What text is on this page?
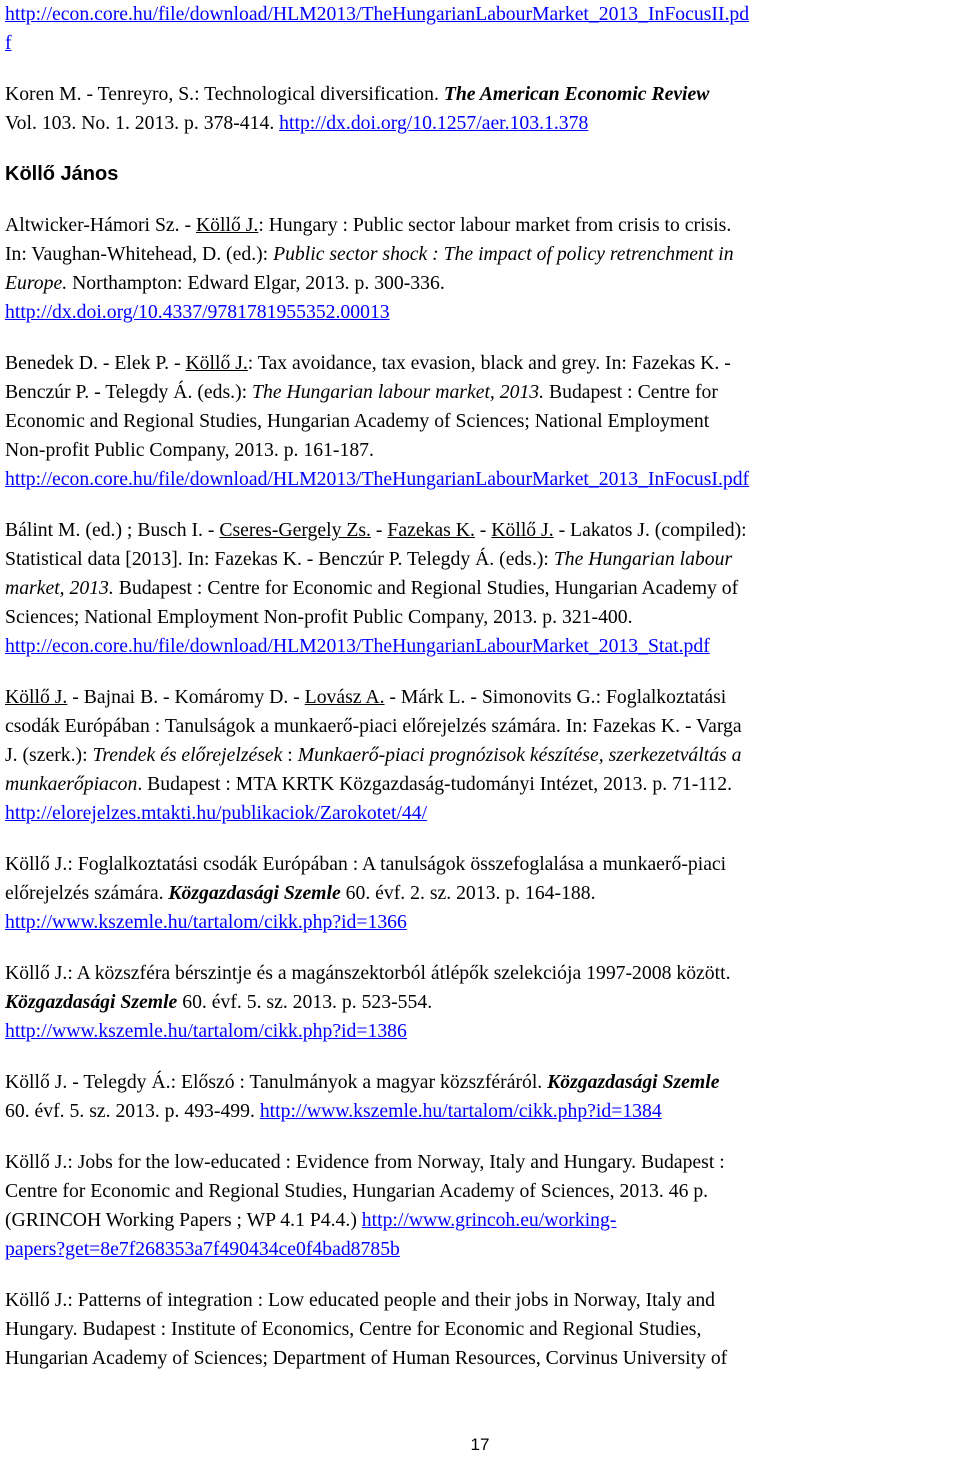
http://econ.core.hu/file/download/HLM2013/TheHungarianLabourMarket_2013_InFocusII.pd

f

Koren M. - Tenreyro, S.: Technological diversification. The American Economic Review

Vol. 103. No. 1. 2013. p. 378-414. http://dx.doi.org/10.1257/aer.103.1.378

Köllő János

Altwicker-Hámori Sz. - Köllő J.: Hungary : Public sector labour market from crisis to crisis.

In: Vaughan-Whitehead, D. (ed.): Public sector shock : The impact of policy retrenchment in

Europe. Northampton: Edward Elgar, 2013. p. 300-336.

http://dx.doi.org/10.4337/9781781955352.00013

Benedek D. - Elek P. - Köllő J.: Tax avoidance, tax evasion, black and grey. In: Fazekas K. -

Benczúr P. - Telegdy Á. (eds.): The Hungarian labour market, 2013. Budapest : Centre for

Economic and Regional Studies, Hungarian Academy of Sciences; National Employment

Non-profit Public Company, 2013. p. 161-187.

http://econ.core.hu/file/download/HLM2013/TheHungarianLabourMarket_2013_InFocusI.pdf

Bálint M. (ed.) ; Busch I. - Cseres-Gergely Zs. - Fazekas K. - Köllő J. - Lakatos J. (compiled):

Statistical data [2013]. In: Fazekas K. - Benczúr P. Telegdy Á. (eds.): The Hungarian labour

market, 2013. Budapest : Centre for Economic and Regional Studies, Hungarian Academy of

Sciences; National Employment Non-profit Public Company, 2013. p. 321-400.

http://econ.core.hu/file/download/HLM2013/TheHungarianLabourMarket_2013_Stat.pdf

Köllő J. - Bajnai B. - Komáromy D. - Lovász A. - Márk L. - Simonovits G.: Foglalkoztatási

csodák Európában : Tanulságok a munkaerő-piaci előrejelzés számára. In: Fazekas K. - Varga

J. (szerk.): Trendek és előrejelzések : Munkaerő-piaci prognózisok készítése, szerkezetváltás a

munkaerőpiacon. Budapest : MTA KRTK Közgazdaság-tudományi Intézet, 2013. p. 71-112.

http://elorejelzes.mtakti.hu/publikaciok/Zarokotet/44/

Köllő J.: Foglalkoztatási csodák Európában : A tanulságok összefoglalása a munkaerő-piaci

előrejelzés számára. Közgazdasági Szemle 60. évf. 2. sz. 2013. p. 164-188.

http://www.kszemle.hu/tartalom/cikk.php?id=1366

Köllő J.: A közszféra bérszintje és a magánszektorból átlépők szelekciója 1997-2008 között.

Közgazdasági Szemle 60. évf. 5. sz. 2013. p. 523-554.

http://www.kszemle.hu/tartalom/cikk.php?id=1386

Köllő J. - Telegdy Á.: Előszó : Tanulmányok a magyar közszféráról. Közgazdasági Szemle

60. évf. 5. sz. 2013. p. 493-499. http://www.kszemle.hu/tartalom/cikk.php?id=1384

Köllő J.: Jobs for the low-educated : Evidence from Norway, Italy and Hungary. Budapest :

Centre for Economic and Regional Studies, Hungarian Academy of Sciences, 2013. 46 p.

(GRINCOH Working Papers ; WP 4.1 P4.4.) http://www.grincoh.eu/working-

papers?get=8e7f268353a7f490434ce0f4bad8785b

Köllő J.: Patterns of integration : Low educated people and their jobs in Norway, Italy and

Hungary. Budapest : Institute of Economics, Centre for Economic and Regional Studies,

Hungarian Academy of Sciences; Department of Human Resources, Corvinus University of

17
